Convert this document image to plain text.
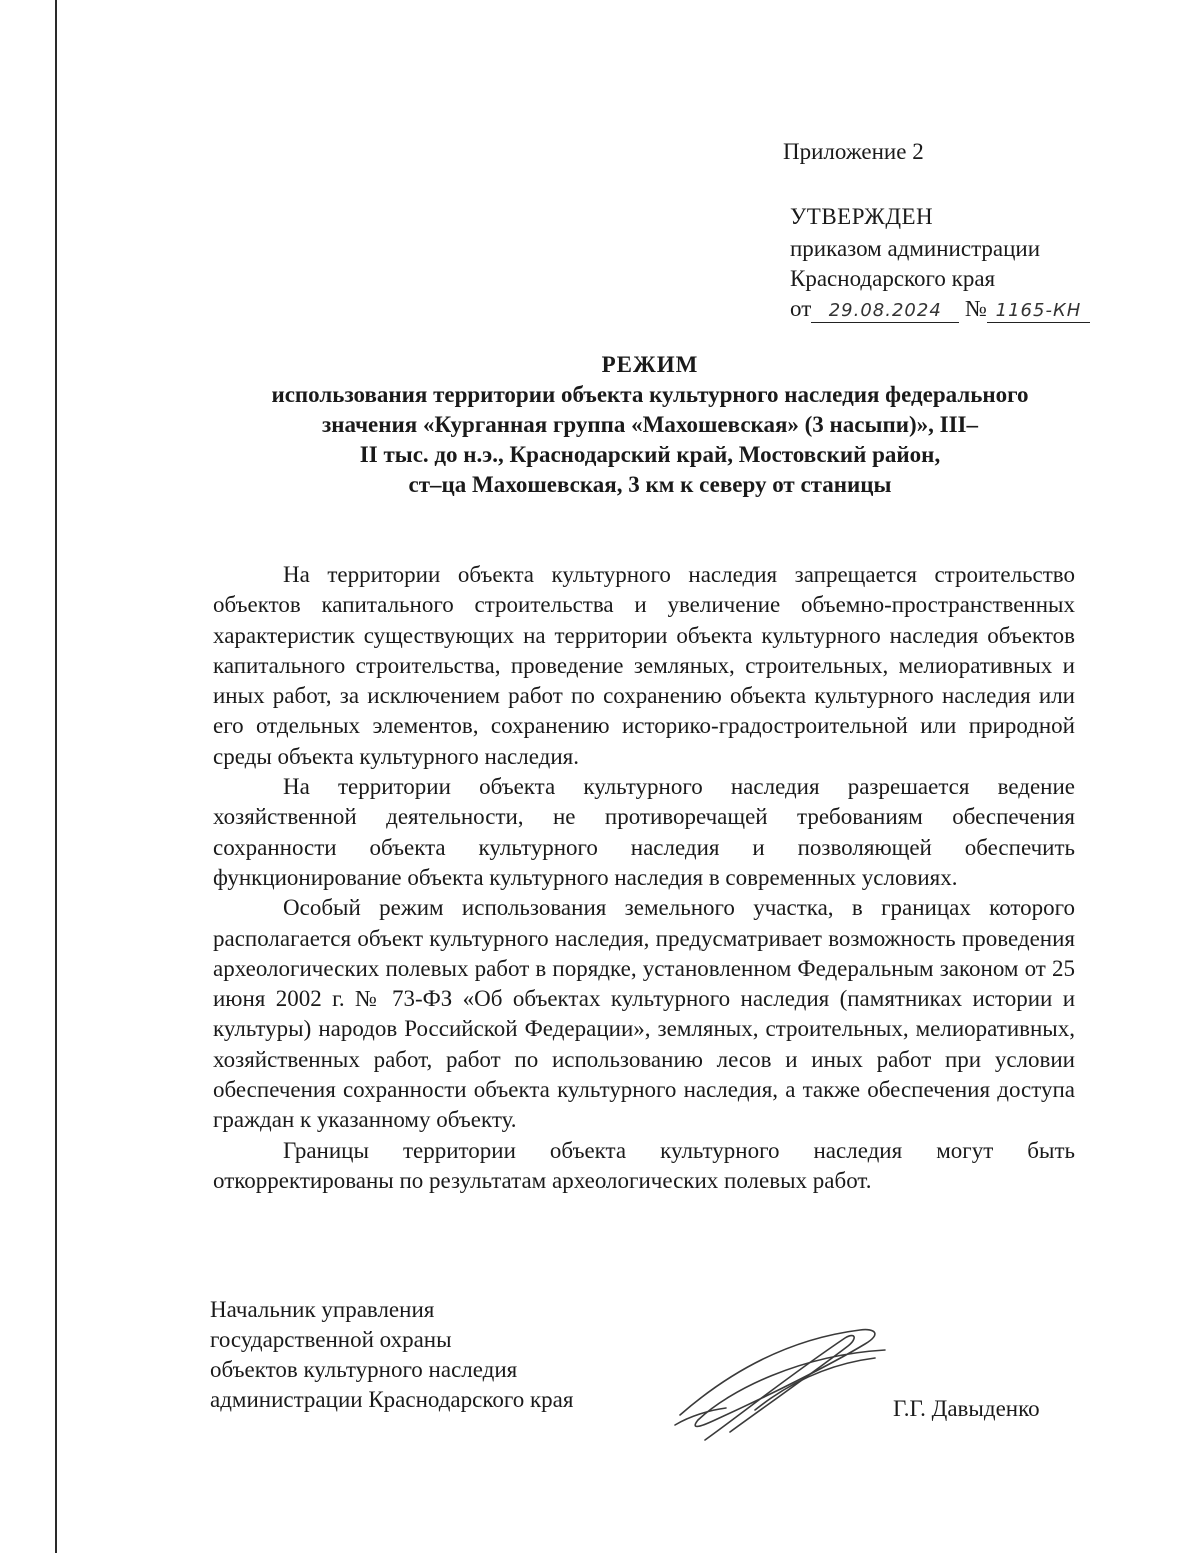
Приложение 2
УТВЕРЖДЕН
приказом администрации
Краснодарского края
от 29.08.2024 № 1165-КН
РЕЖИМ
использования территории объекта культурного наследия федерального
значения «Курганная группа «Махошевская» (3 насыпи)», III–
II тыс. до н.э., Краснодарский край, Мостовский район,
ст–ца Махошевская, 3 км к северу от станицы

На территории объекта культурного наследия запрещается строительство объектов капитального строительства и увеличение объемно-пространственных характеристик существующих на территории объекта культурного наследия объектов капитального строительства, проведение земляных, строительных, мелиоративных и иных работ, за исключением работ по сохранению объекта культурного наследия или его отдельных элементов, сохранению историко-градостроительной или природной среды объекта культурного наследия.

На территории объекта культурного наследия разрешается ведение хозяйственной деятельности, не противоречащей требованиям обеспечения сохранности объекта культурного наследия и позволяющей обеспечить функционирование объекта культурного наследия в современных условиях.

Особый режим использования земельного участка, в границах которого располагается объект культурного наследия, предусматривает возможность проведения археологических полевых работ в порядке, установленном Федеральным законом от 25 июня 2002 г. № 73-ФЗ «Об объектах культурного наследия (памятниках истории и культуры) народов Российской Федерации», земляных, строительных, мелиоративных, хозяйственных работ, работ по использованию лесов и иных работ при условии обеспечения сохранности объекта культурного наследия, а также обеспечения доступа граждан к указанному объекту.

Границы территории объекта культурного наследия могут быть откорректированы по результатам археологических полевых работ.

Начальник управления
государственной охраны
объектов культурного наследия
администрации Краснодарского края	Г.Г. Давыденко
